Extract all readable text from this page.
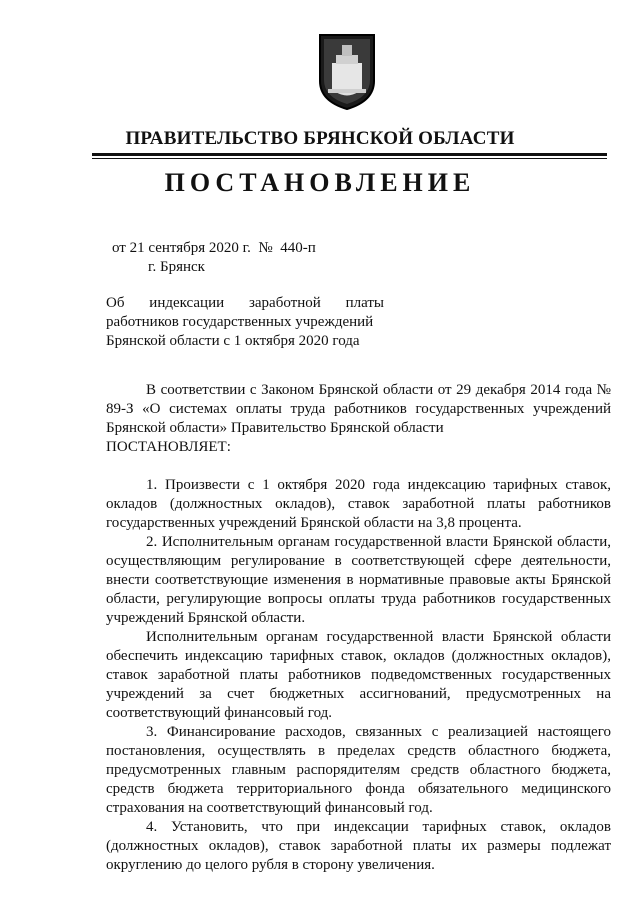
ПРАВИТЕЛЬСТВО БРЯНСКОЙ ОБЛАСТИ
ПОСТАНОВЛЕНИЕ
от 21 сентября 2020 г.  №  440-п
г. Брянск
Об индексации заработной платы
работников государственных учреждений
Брянской области с 1 октября 2020 года

В соответствии с Законом Брянской области от 29 декабря 2014 года № 89-З «О системах оплаты труда работников государственных учреждений Брянской области» Правительство Брянской области

ПОСТАНОВЛЯЕТ:

1. Произвести с 1 октября 2020 года индексацию тарифных ставок, окладов (должностных окладов), ставок заработной платы работников государственных учреждений Брянской области на 3,8 процента.

2. Исполнительным органам государственной власти Брянской области, осуществляющим регулирование в соответствующей сфере деятельности, внести соответствующие изменения в нормативные правовые акты Брянской области, регулирующие вопросы оплаты труда работников государственных учреждений Брянской области.

Исполнительным органам государственной власти Брянской области обеспечить индексацию тарифных ставок, окладов (должностных окладов), ставок заработной платы работников подведомственных государственных учреждений за счет бюджетных ассигнований, предусмотренных на соответствующий финансовый год.

3. Финансирование расходов, связанных с реализацией настоящего постановления, осуществлять в пределах средств областного бюджета, предусмотренных главным распорядителям средств областного бюджета, средств бюджета территориального фонда обязательного медицинского страхования на соответствующий финансовый год.

4. Установить, что при индексации тарифных ставок, окладов (должностных окладов), ставок заработной платы их размеры подлежат округлению до целого рубля в сторону увеличения.
